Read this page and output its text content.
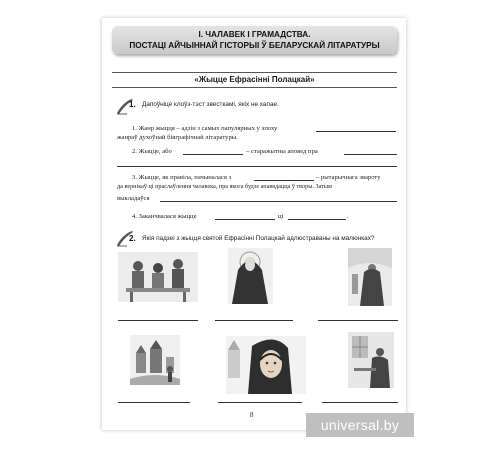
I. ЧАЛАВЕК І ГРАМАДСТВА.
ПОСТАЦІ АЙЧЫННАЙ ГІСТОРЫІ Ў БЕЛАРУСКАЙ ЛІТАРАТУРЫ
«Жыцце Ефрасінні Полацкай»
1. Дапоўніце клоўз-тэст звесткамі, якіх не хапае.
1. Жанр жыцця – адзін з самых папулярных у эпоху
жанраў духоўнай біяграфічнай літаратуры.
2. Жыцце, або	– старажытны аповед пра
3. Жыцце, як правіла, пачыналася з	– рытарычнага звароту
да вернікаў ці праслаўлення чалавека, пра якога будзе апавядацца ў творы. Затым
выкладаўся
4. Заканчвалася жыцце	ці	.
2. Якія падзеі з жыцця святой Ефрасінні Полацкай адлюстраваны на малюнках?
8
universal.by
